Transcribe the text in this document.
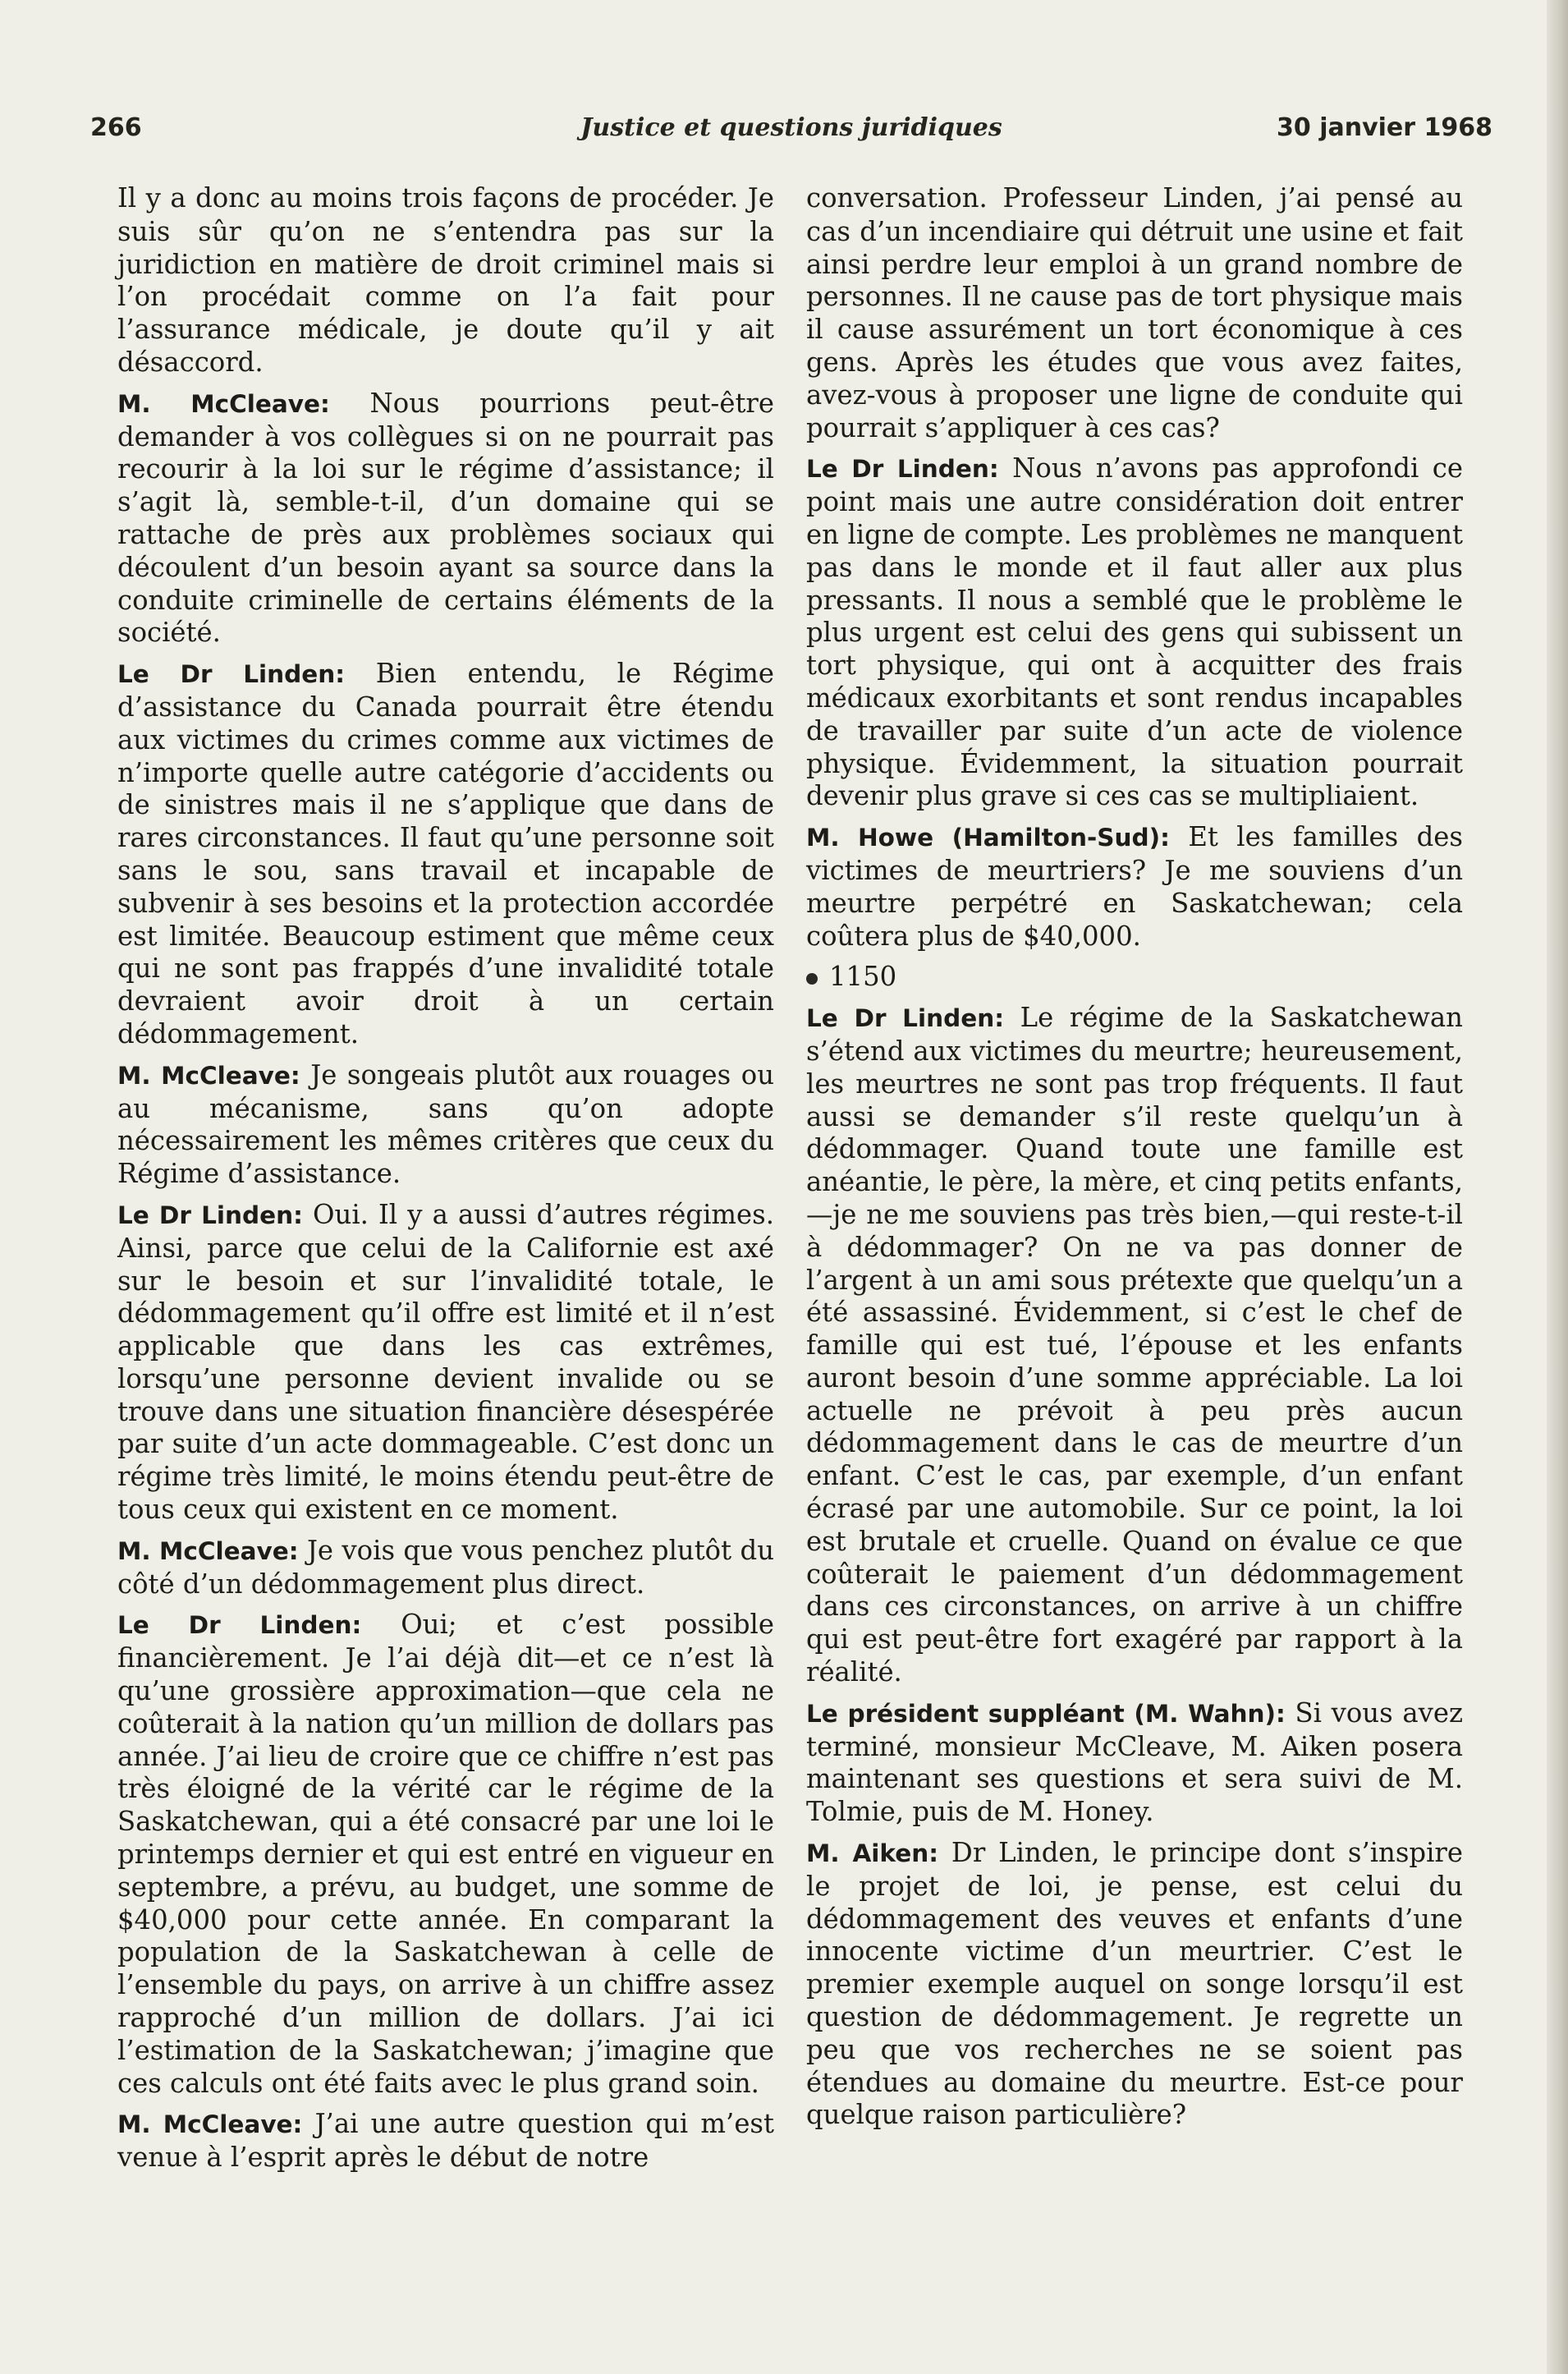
266	Justice et questions juridiques	30 janvier 1968

Il y a donc au moins trois façons de procéder. Je suis sûr qu’on ne s’entendra pas sur la juridiction en matière de droit criminel mais si l’on procédait comme on l’a fait pour l’assurance médicale, je doute qu’il y ait désaccord.

M. McCleave: Nous pourrions peut-être demander à vos collègues si on ne pourrait pas recourir à la loi sur le régime d’assistance; il s’agit là, semble-t-il, d’un domaine qui se rattache de près aux problèmes sociaux qui découlent d’un besoin ayant sa source dans la conduite criminelle de certains éléments de la société.

Le Dr Linden: Bien entendu, le Régime d’assistance du Canada pourrait être étendu aux victimes du crimes comme aux victimes de n’importe quelle autre catégorie d’accidents ou de sinistres mais il ne s’applique que dans de rares circonstances. Il faut qu’une personne soit sans le sou, sans travail et incapable de subvenir à ses besoins et la protection accordée est limitée. Beaucoup estiment que même ceux qui ne sont pas frappés d’une invalidité totale devraient avoir droit à un certain dédommagement.

M. McCleave: Je songeais plutôt aux rouages ou au mécanisme, sans qu’on adopte nécessairement les mêmes critères que ceux du Régime d’assistance.

Le Dr Linden: Oui. Il y a aussi d’autres régimes. Ainsi, parce que celui de la Californie est axé sur le besoin et sur l’invalidité totale, le dédommagement qu’il offre est limité et il n’est applicable que dans les cas extrêmes, lorsqu’une personne devient invalide ou se trouve dans une situation financière désespérée par suite d’un acte dommageable. C’est donc un régime très limité, le moins étendu peut-être de tous ceux qui existent en ce moment.

M. McCleave: Je vois que vous penchez plutôt du côté d’un dédommagement plus direct.

Le Dr Linden: Oui; et c’est possible financièrement. Je l’ai déjà dit—et ce n’est là qu’une grossière approximation—que cela ne coûterait à la nation qu’un million de dollars pas année. J’ai lieu de croire que ce chiffre n’est pas très éloigné de la vérité car le régime de la Saskatchewan, qui a été consacré par une loi le printemps dernier et qui est entré en vigueur en septembre, a prévu, au budget, une somme de $40,000 pour cette année. En comparant la population de la Saskatchewan à celle de l’ensemble du pays, on arrive à un chiffre assez rapproché d’un million de dollars. J’ai ici l’estimation de la Saskatchewan; j’imagine que ces calculs ont été faits avec le plus grand soin.

M. McCleave: J’ai une autre question qui m’est venue à l’esprit après le début de notre

conversation. Professeur Linden, j’ai pensé au cas d’un incendiaire qui détruit une usine et fait ainsi perdre leur emploi à un grand nombre de personnes. Il ne cause pas de tort physique mais il cause assurément un tort économique à ces gens. Après les études que vous avez faites, avez-vous à proposer une ligne de conduite qui pourrait s’appliquer à ces cas?

Le Dr Linden: Nous n’avons pas approfondi ce point mais une autre considération doit entrer en ligne de compte. Les problèmes ne manquent pas dans le monde et il faut aller aux plus pressants. Il nous a semblé que le problème le plus urgent est celui des gens qui subissent un tort physique, qui ont à acquitter des frais médicaux exorbitants et sont rendus incapables de travailler par suite d’un acte de violence physique. Évidemment, la situation pourrait devenir plus grave si ces cas se multipliaient.

M. Howe (Hamilton-Sud): Et les familles des victimes de meurtriers? Je me souviens d’un meurtre perpétré en Saskatchewan; cela coûtera plus de $40,000.

1150

Le Dr Linden: Le régime de la Saskatchewan s’étend aux victimes du meurtre; heureusement, les meurtres ne sont pas trop fréquents. Il faut aussi se demander s’il reste quelqu’un à dédommager. Quand toute une famille est anéantie, le père, la mère, et cinq petits enfants,—je ne me souviens pas très bien,—qui reste-t-il à dédommager? On ne va pas donner de l’argent à un ami sous prétexte que quelqu’un a été assassiné. Évidemment, si c’est le chef de famille qui est tué, l’épouse et les enfants auront besoin d’une somme appréciable. La loi actuelle ne prévoit à peu près aucun dédommagement dans le cas de meurtre d’un enfant. C’est le cas, par exemple, d’un enfant écrasé par une automobile. Sur ce point, la loi est brutale et cruelle. Quand on évalue ce que coûterait le paiement d’un dédommagement dans ces circonstances, on arrive à un chiffre qui est peut-être fort exagéré par rapport à la réalité.

Le président suppléant (M. Wahn): Si vous avez terminé, monsieur McCleave, M. Aiken posera maintenant ses questions et sera suivi de M. Tolmie, puis de M. Honey.

M. Aiken: Dr Linden, le principe dont s’inspire le projet de loi, je pense, est celui du dédommagement des veuves et enfants d’une innocente victime d’un meurtrier. C’est le premier exemple auquel on songe lorsqu’il est question de dédommagement. Je regrette un peu que vos recherches ne se soient pas étendues au domaine du meurtre. Est-ce pour quelque raison particulière?
